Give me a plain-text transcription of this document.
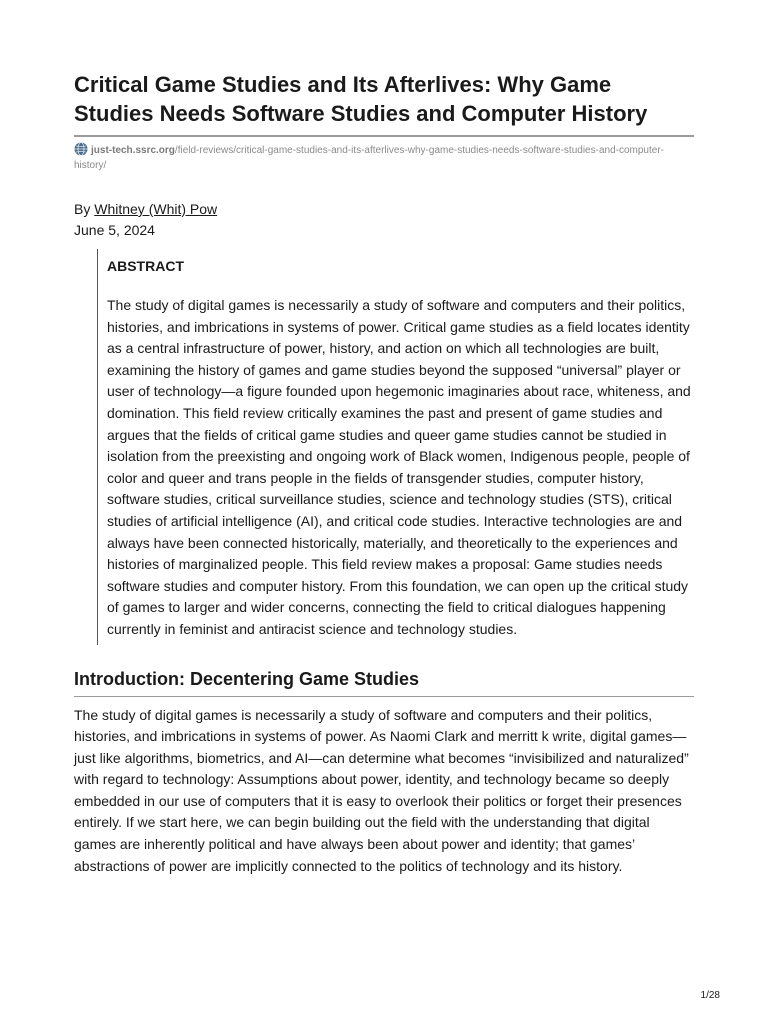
Critical Game Studies and Its Afterlives: Why Game Studies Needs Software Studies and Computer History
just-tech.ssrc.org/field-reviews/critical-game-studies-and-its-afterlives-why-game-studies-needs-software-studies-and-computer-history/
By Whitney (Whit) Pow
June 5, 2024

ABSTRACT

The study of digital games is necessarily a study of software and computers and their politics, histories, and imbrications in systems of power. Critical game studies as a field locates identity as a central infrastructure of power, history, and action on which all technologies are built, examining the history of games and game studies beyond the supposed “universal” player or user of technology—a figure founded upon hegemonic imaginaries about race, whiteness, and domination. This field review critically examines the past and present of game studies and argues that the fields of critical game studies and queer game studies cannot be studied in isolation from the preexisting and ongoing work of Black women, Indigenous people, people of color and queer and trans people in the fields of transgender studies, computer history, software studies, critical surveillance studies, science and technology studies (STS), critical studies of artificial intelligence (AI), and critical code studies. Interactive technologies are and always have been connected historically, materially, and theoretically to the experiences and histories of marginalized people. This field review makes a proposal: Game studies needs software studies and computer history. From this foundation, we can open up the critical study of games to larger and wider concerns, connecting the field to critical dialogues happening currently in feminist and antiracist science and technology studies.

Introduction: Decentering Game Studies

The study of digital games is necessarily a study of software and computers and their politics, histories, and imbrications in systems of power. As Naomi Clark and merritt k write, digital games—just like algorithms, biometrics, and AI—can determine what becomes “invisibilized and naturalized” with regard to technology: Assumptions about power, identity, and technology became so deeply embedded in our use of computers that it is easy to overlook their politics or forget their presences entirely. If we start here, we can begin building out the field with the understanding that digital games are inherently political and have always been about power and identity; that games’ abstractions of power are implicitly connected to the politics of technology and its history.

1/28
